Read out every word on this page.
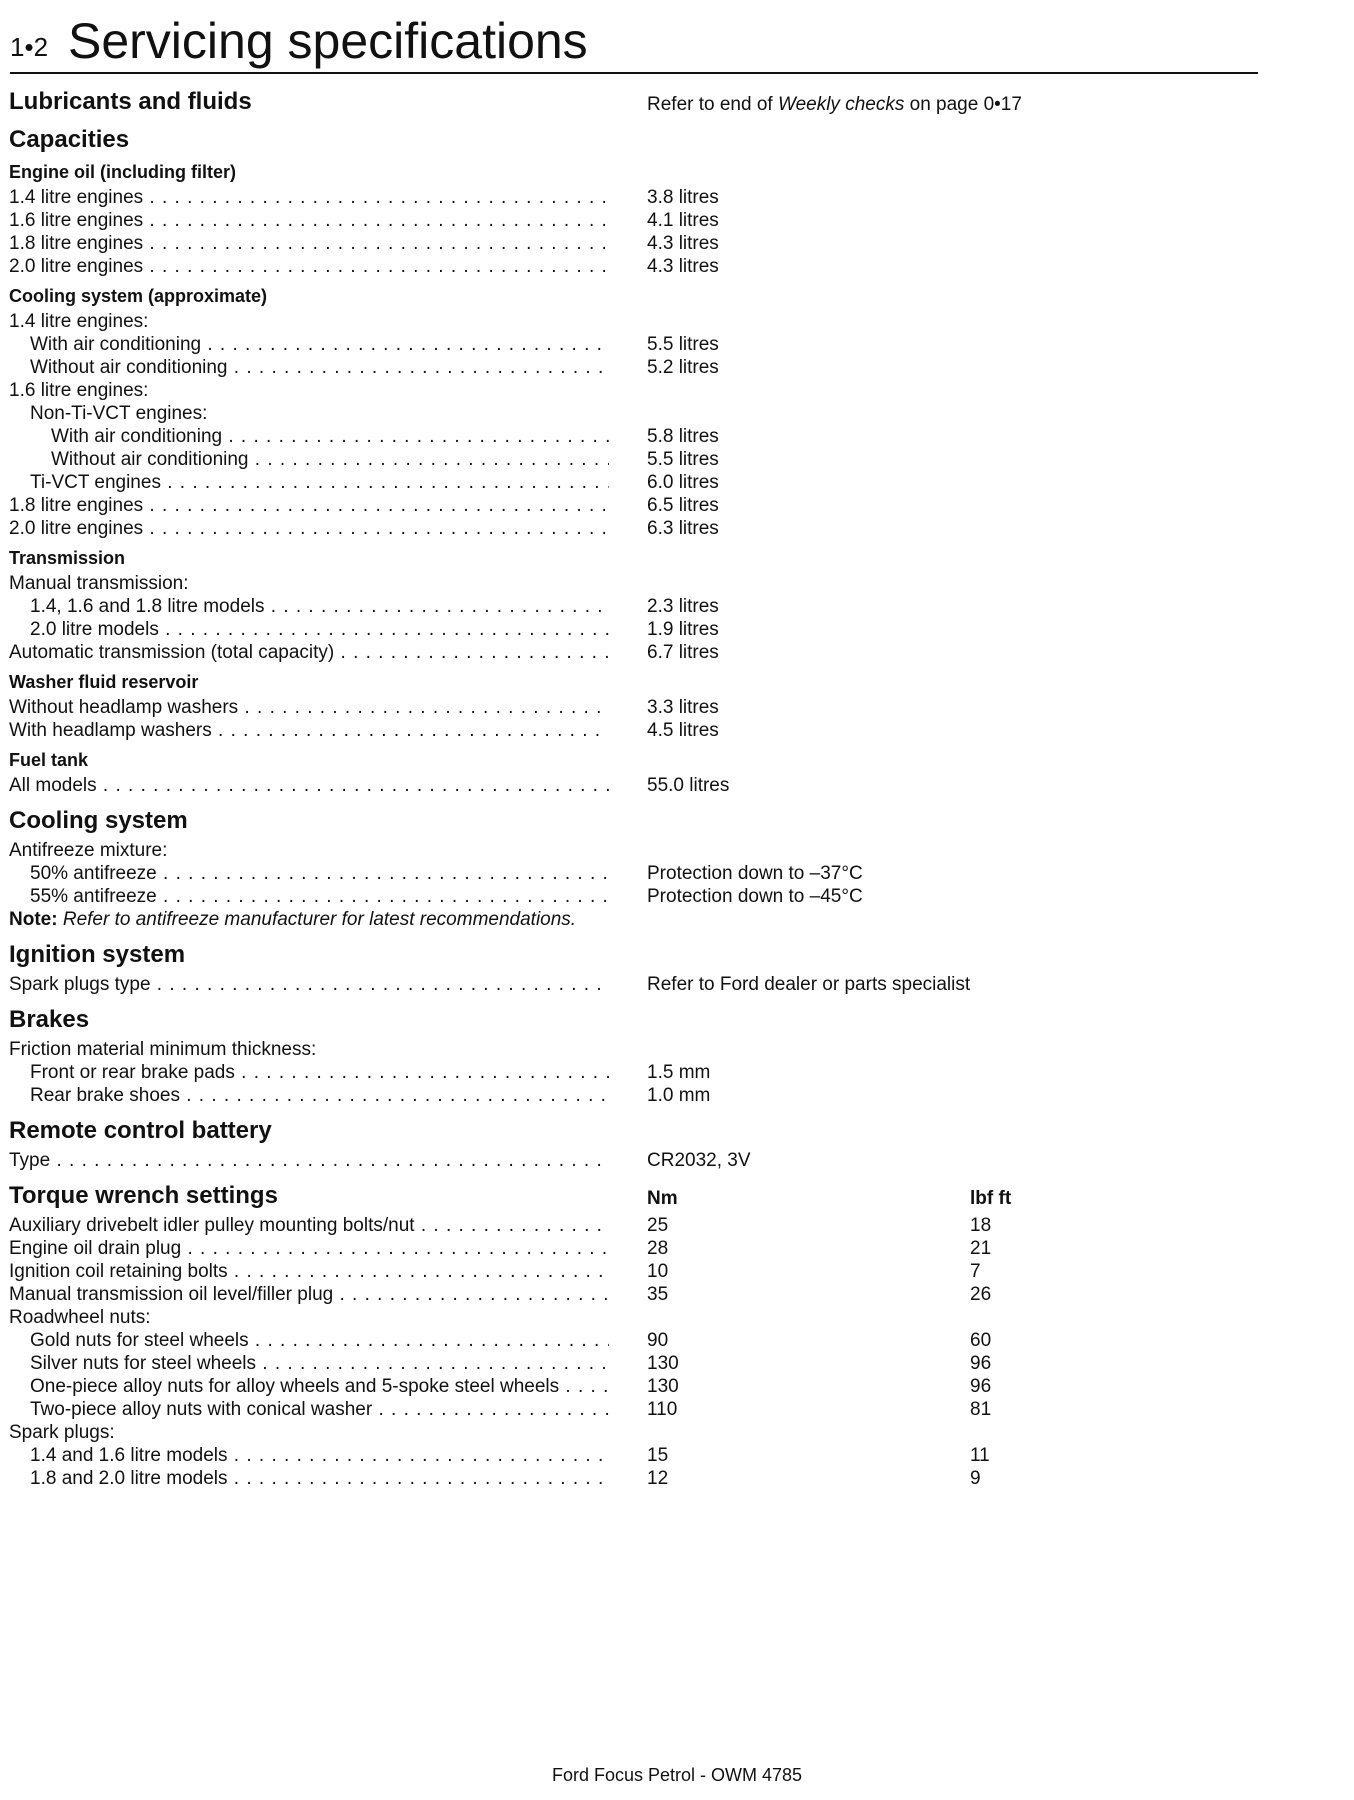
1•2 Servicing specifications
Lubricants and fluids	Refer to end of Weekly checks on page 0•17
Capacities
Engine oil (including filter)
1.4 litre engines . . .	3.8 litres
1.6 litre engines . . .	4.1 litres
1.8 litre engines . . .	4.3 litres
2.0 litre engines . . .	4.3 litres
Cooling system (approximate)
1.4 litre engines:
With air conditioning . . .	5.5 litres
Without air conditioning . . .	5.2 litres
1.6 litre engines:
Non-Ti-VCT engines:
With air conditioning . . .	5.8 litres
Without air conditioning . . .	5.5 litres
Ti-VCT engines . . .	6.0 litres
1.8 litre engines . . .	6.5 litres
2.0 litre engines . . .	6.3 litres
Transmission
Manual transmission:
1.4, 1.6 and 1.8 litre models . . .	2.3 litres
2.0 litre models . . .	1.9 litres
Automatic transmission (total capacity) . . .	6.7 litres
Washer fluid reservoir
Without headlamp washers . . .	3.3 litres
With headlamp washers . . .	4.5 litres
Fuel tank
All models . . .	55.0 litres
Cooling system
Antifreeze mixture:
50% antifreeze . . .	Protection down to –37°C
55% antifreeze . . .	Protection down to –45°C
Note: Refer to antifreeze manufacturer for latest recommendations.
Ignition system
Spark plugs type . . .	Refer to Ford dealer or parts specialist
Brakes
Friction material minimum thickness:
Front or rear brake pads . . .	1.5 mm
Rear brake shoes . . .	1.0 mm
Remote control battery
Type . . .	CR2032, 3V
Torque wrench settings	Nm	lbf ft
Auxiliary drivebelt idler pulley mounting bolts/nut . . .	25	18
Engine oil drain plug . . .	28	21
Ignition coil retaining bolts . . .	10	7
Manual transmission oil level/filler plug . . .	35	26
Roadwheel nuts:
Gold nuts for steel wheels . . .	90	60
Silver nuts for steel wheels . . .	130	96
One-piece alloy nuts for alloy wheels and 5-spoke steel wheels . . .	130	96
Two-piece alloy nuts with conical washer . . .	110	81
Spark plugs:
1.4 and 1.6 litre models . . .	15	11
1.8 and 2.0 litre models . . .	12	9
Ford Focus Petrol - OWM 4785
